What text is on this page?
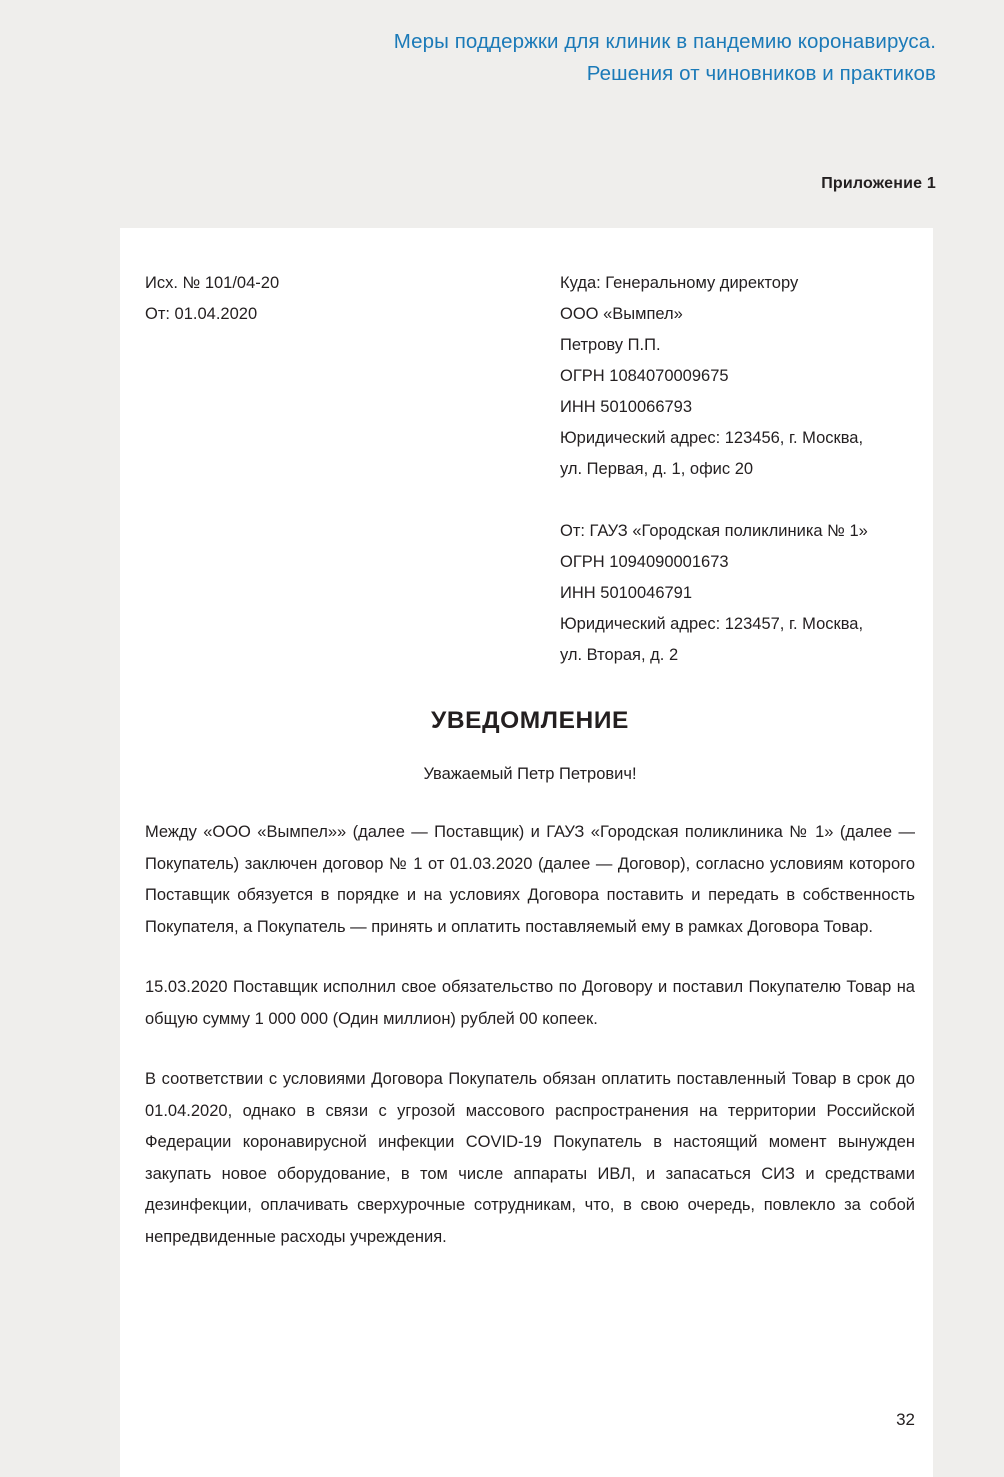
Меры поддержки для клиник в пандемию коронавируса.
Решения от чиновников и практиков
Приложение 1
Исх. № 101/04-20
От: 01.04.2020
Куда: Генеральному директору
ООО «Вымпел»
Петрову П.П.
ОГРН 1084070009675
ИНН 5010066793
Юридический адрес: 123456, г. Москва,
ул. Первая, д. 1, офис 20
От: ГАУЗ «Городская поликлиника № 1»
ОГРН 1094090001673
ИНН 5010046791
Юридический адрес: 123457, г. Москва,
ул. Вторая, д. 2
УВЕДОМЛЕНИЕ
Уважаемый Петр Петрович!

Между «ООО «Вымпел»» (далее — Поставщик) и ГАУЗ «Городская поликлиника № 1» (далее — Покупатель) заключен договор № 1 от 01.03.2020 (далее — Договор), согласно условиям которого Поставщик обязуется в порядке и на условиях Договора поставить и передать в собственность Покупателя, а Покупатель — принять и оплатить поставляемый ему в рамках Договора Товар.

15.03.2020 Поставщик исполнил свое обязательство по Договору и поставил Покупателю Товар на общую сумму 1 000 000 (Один миллион) рублей 00 копеек.

В соответствии с условиями Договора Покупатель обязан оплатить поставленный Товар в срок до 01.04.2020, однако в связи с угрозой массового распространения на территории Российской Федерации коронавирусной инфекции COVID-19 Покупатель в настоящий момент вынужден закупать новое оборудование, в том числе аппараты ИВЛ, и запасаться СИЗ и средствами дезинфекции, оплачивать сверхурочные сотрудникам, что, в свою очередь, повлекло за собой непредвиденные расходы учреждения.

32
